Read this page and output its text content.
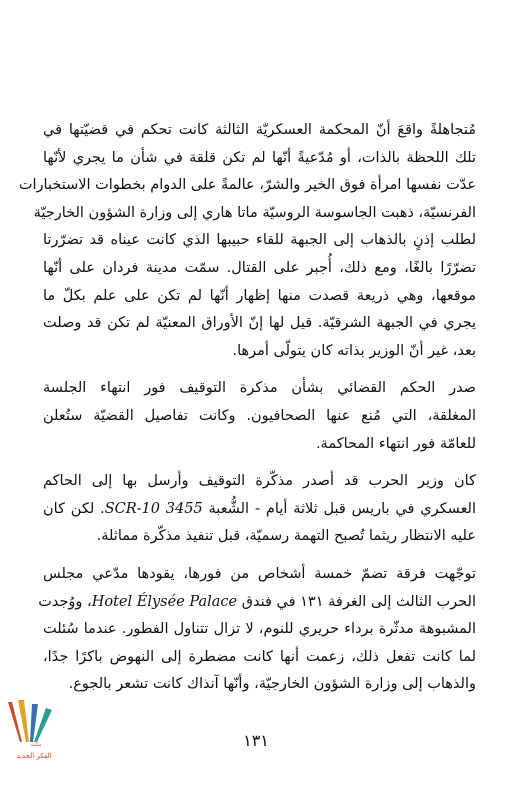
مُتجاهلةً واقعَ أنّ المحكمة العسكريّة الثالثة كانت تحكم في قضيّتها في
تلك اللحظة بالذات، أو مُدّعيةً أنّها لم تكن قلقة في شأن ما يجري لأنّها
عدّت نفسها امرأة فوق الخير والشرّ، عالمةً على الدوام بخطوات الاستخبارات
الفرنسيّة، ذهبت الجاسوسة الروسيّة ماتا هاري إلى وزارة الشؤون الخارجيّة
لطلب إذنٍ بالذهاب إلى الجبهة للقاء حبيبها الذي كانت عيناه قد تضرّرتا
تضرّرًا بالغًا، ومع ذلك، أُجبر على القتال. سمّت مدينة فردان على أنّها
موقعها، وهي ذريعة قصدت منها إظهار أنّها لم تكن على علم بكلّ ما
يجري في الجبهة الشرقيّة. قيل لها إنّ الأوراق المعنيّة لم تكن قد وصلت
بعد، غير أنّ الوزير بذاته كان يتولّى أمرها.

صدر الحكم القضائي بشأن مذكرة التوقيف فور انتهاء الجلسة
المغلقة، التي مُنع عنها الصحافيون. وكانت تفاصيل القضيّة ستُعلن
للعامّة فور انتهاء المحاكمة.

كان وزير الحرب قد أصدر مذكّرة التوقيف وأرسل بها إلى الحاكم
العسكري في باريس قبل ثلاثة أيام - الشُّعبة SCR-10 3455. لكن كان
عليه الانتظار ريثما تُصبح التهمة رسميّة، قبل تنفيذ مذكّرة مماثلة.

توجّهت فرقة تضمّ خمسة أشخاص من فورها، يقودها مدّعي مجلس
الحرب الثالث إلى الغرفة ١٣١ في فندق Hotel Élysée Palace، ووُجدت
المشبوهة مدثّرة برداء حريري للنوم، لا تزال تتناول الفطور. عندما سُئلت
لما كانت تفعل ذلك، زعمت أنها كانت مضطرة إلى النهوض باكرًا جدًا،
والذهاب إلى وزارة الشؤون الخارجيّة، وأنّها آنذاك كانت تشعر بالجوع.

١٣١
مكتبة
الفكر الجديد
